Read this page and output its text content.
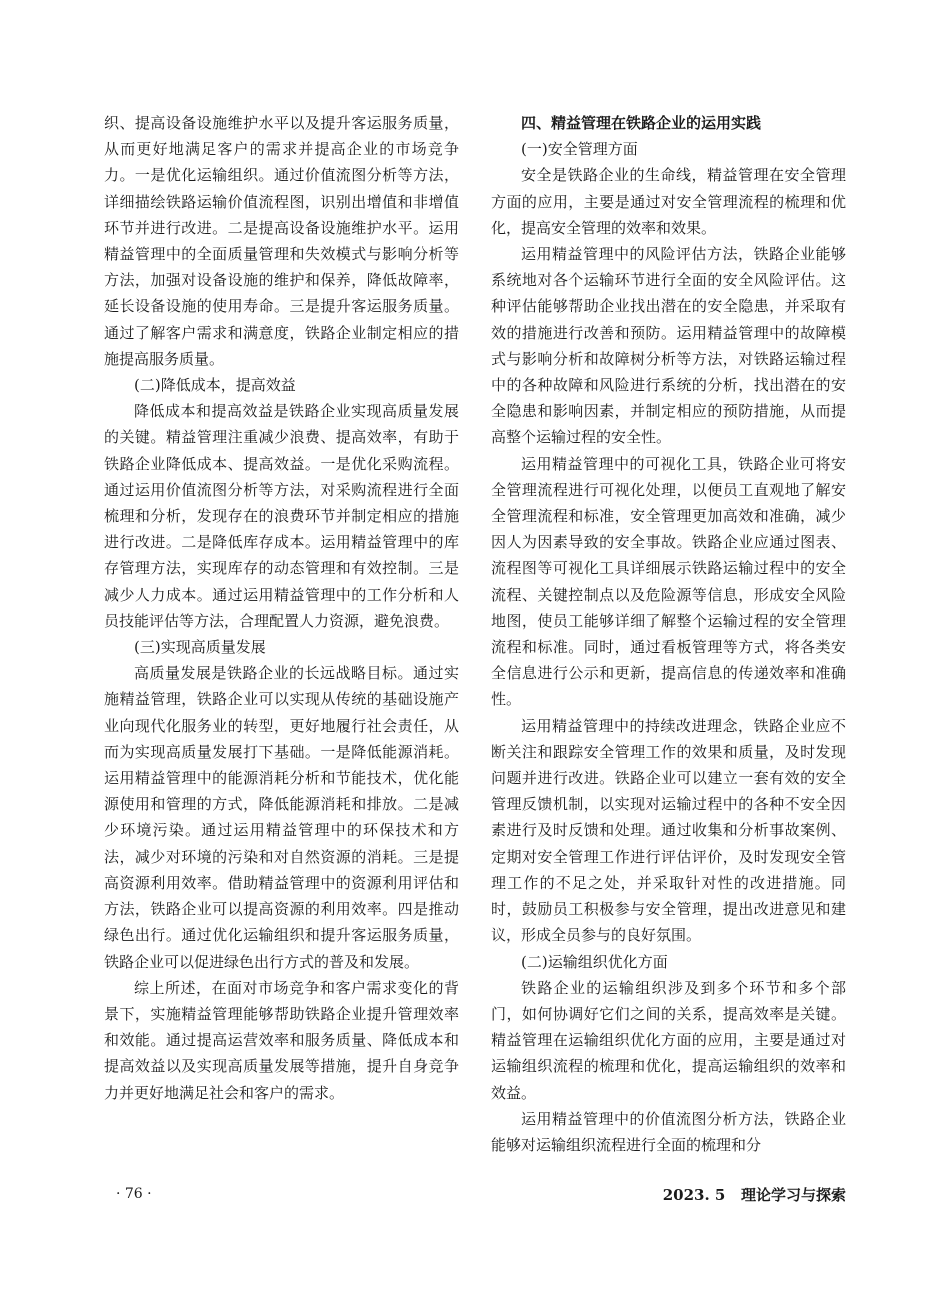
织、提高设备设施维护水平以及提升客运服务质量，从而更好地满足客户的需求并提高企业的市场竞争力。一是优化运输组织。通过价值流图分析等方法，详细描绘铁路运输价值流程图，识别出增值和非增值环节并进行改进。二是提高设备设施维护水平。运用精益管理中的全面质量管理和失效模式与影响分析等方法，加强对设备设施的维护和保养，降低故障率，延长设备设施的使用寿命。三是提升客运服务质量。通过了解客户需求和满意度，铁路企业制定相应的措施提高服务质量。

(二)降低成本，提高效益

降低成本和提高效益是铁路企业实现高质量发展的关键。精益管理注重减少浪费、提高效率，有助于铁路企业降低成本、提高效益。一是优化采购流程。通过运用价值流图分析等方法，对采购流程进行全面梳理和分析，发现存在的浪费环节并制定相应的措施进行改进。二是降低库存成本。运用精益管理中的库存管理方法，实现库存的动态管理和有效控制。三是减少人力成本。通过运用精益管理中的工作分析和人员技能评估等方法，合理配置人力资源，避免浪费。

(三)实现高质量发展

高质量发展是铁路企业的长远战略目标。通过实施精益管理，铁路企业可以实现从传统的基础设施产业向现代化服务业的转型，更好地履行社会责任，从而为实现高质量发展打下基础。一是降低能源消耗。运用精益管理中的能源消耗分析和节能技术，优化能源使用和管理的方式，降低能源消耗和排放。二是减少环境污染。通过运用精益管理中的环保技术和方法，减少对环境的污染和对自然资源的消耗。三是提高资源利用效率。借助精益管理中的资源利用评估和方法，铁路企业可以提高资源的利用效率。四是推动绿色出行。通过优化运输组织和提升客运服务质量，铁路企业可以促进绿色出行方式的普及和发展。

综上所述，在面对市场竞争和客户需求变化的背景下，实施精益管理能够帮助铁路企业提升管理效率和效能。通过提高运营效率和服务质量、降低成本和提高效益以及实现高质量发展等措施，提升自身竞争力并更好地满足社会和客户的需求。

四、精益管理在铁路企业的运用实践

(一)安全管理方面

安全是铁路企业的生命线，精益管理在安全管理方面的应用，主要是通过对安全管理流程的梳理和优化，提高安全管理的效率和效果。

运用精益管理中的风险评估方法，铁路企业能够系统地对各个运输环节进行全面的安全风险评估。这种评估能够帮助企业找出潜在的安全隐患，并采取有效的措施进行改善和预防。运用精益管理中的故障模式与影响分析和故障树分析等方法，对铁路运输过程中的各种故障和风险进行系统的分析，找出潜在的安全隐患和影响因素，并制定相应的预防措施，从而提高整个运输过程的安全性。

运用精益管理中的可视化工具，铁路企业可将安全管理流程进行可视化处理，以便员工直观地了解安全管理流程和标准，安全管理更加高效和准确，减少因人为因素导致的安全事故。铁路企业应通过图表、流程图等可视化工具详细展示铁路运输过程中的安全流程、关键控制点以及危险源等信息，形成安全风险地图，使员工能够详细了解整个运输过程的安全管理流程和标准。同时，通过看板管理等方式，将各类安全信息进行公示和更新，提高信息的传递效率和准确性。

运用精益管理中的持续改进理念，铁路企业应不断关注和跟踪安全管理工作的效果和质量，及时发现问题并进行改进。铁路企业可以建立一套有效的安全管理反馈机制，以实现对运输过程中的各种不安全因素进行及时反馈和处理。通过收集和分析事故案例、定期对安全管理工作进行评估评价，及时发现安全管理工作的不足之处，并采取针对性的改进措施。同时，鼓励员工积极参与安全管理，提出改进意见和建议，形成全员参与的良好氛围。

(二)运输组织优化方面

铁路企业的运输组织涉及到多个环节和多个部门，如何协调好它们之间的关系，提高效率是关键。精益管理在运输组织优化方面的应用，主要是通过对运输组织流程的梳理和优化，提高运输组织的效率和效益。

运用精益管理中的价值流图分析方法，铁路企业能够对运输组织流程进行全面的梳理和分

· 76 ·	2023. 5   理论学习与探索
